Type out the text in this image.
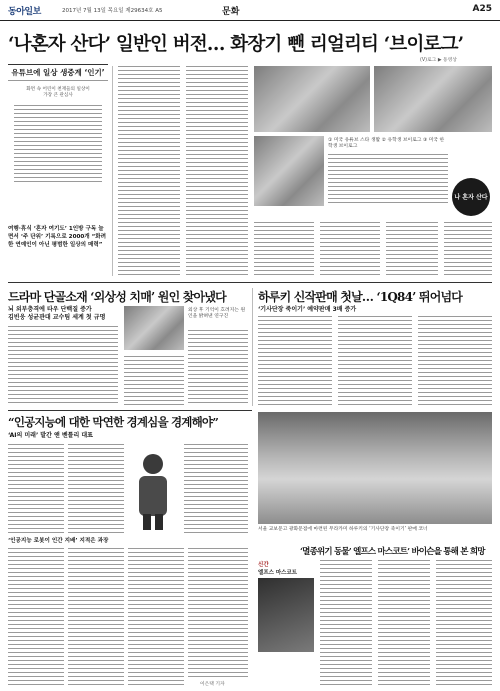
동아일보	2017년 7월 13일 목요일 제29634호 A5	문화	A25
‘나혼자 산다’ 일반인 버전… 화장기 뺀 리얼리티 ‘브이로그’
(V)로그 ▶ 동영상
유튜브에 일상 생중계 ‘인기’
화면 속 어린이 천재들의 일상이
가장 큰 관심사
여행·휴식 ‘혼자 여기도’ 1인방 구독 늘면서 ‘주 단위’ 기록으로 2000개 “화려한 연예인이 아닌 평범한 일상의 매력”
① 미국 유튜브 스타 생활 ② 유학생 브이로그 ③ 미국 한 학생 브이로그
나 혼자 산다
드라마 단골소재 ‘외상성 치매’ 원인 찾아냈다
뇌 외부충격에 타우 단백질 증가
김빈웅 성균관대 교수팀 세계 첫 규명
외상 후 기억이 흐려지는 원인을 밝혀낸 연구진
하루키 신작판매 첫날… ‘1Q84’ 뛰어넘다
‘기사단장 죽이기’ 예약판매 3배 증가
“인공지능에 대한 막연한 경계심을 경계해야”
‘AI의 미래’ 발간 앤 벤틀리 대표
‘인공지능 로봇이 인간 지배’ 지적은 과장
이은택 기자
서울 교보문고 광화문점에 마련된 무라카미 하루키의 ‘기사단장 죽이기’ 판매 코너
‘멸종위기 동물’ 엘프스 마스코트’ 바이슨을 통해 본 희망
신간
엘프스 마스코트
